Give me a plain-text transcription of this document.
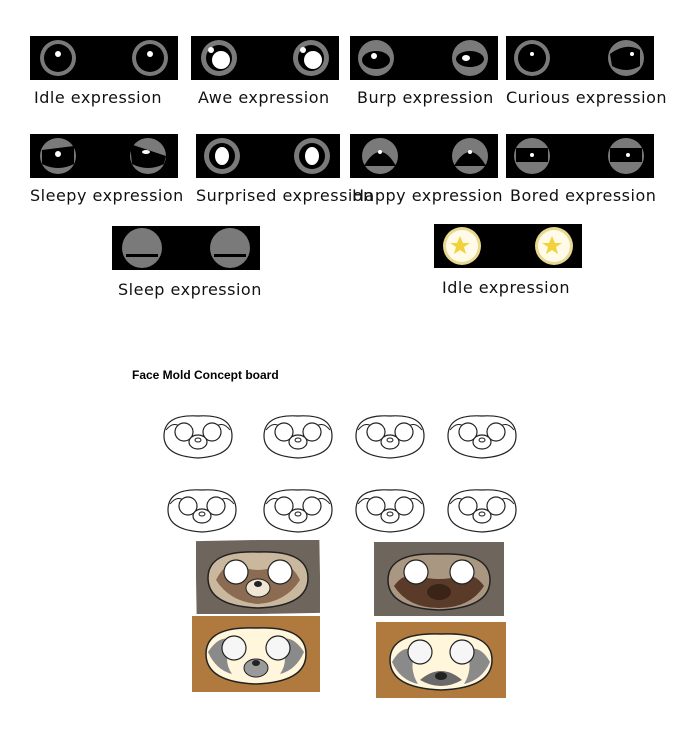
Idle expression Awe expression Burp expression Curious expression
Sleepy expression Surprised expression
Happy expression Bored expression
Sleep expression	Idle expression
Face Mold Concept board
